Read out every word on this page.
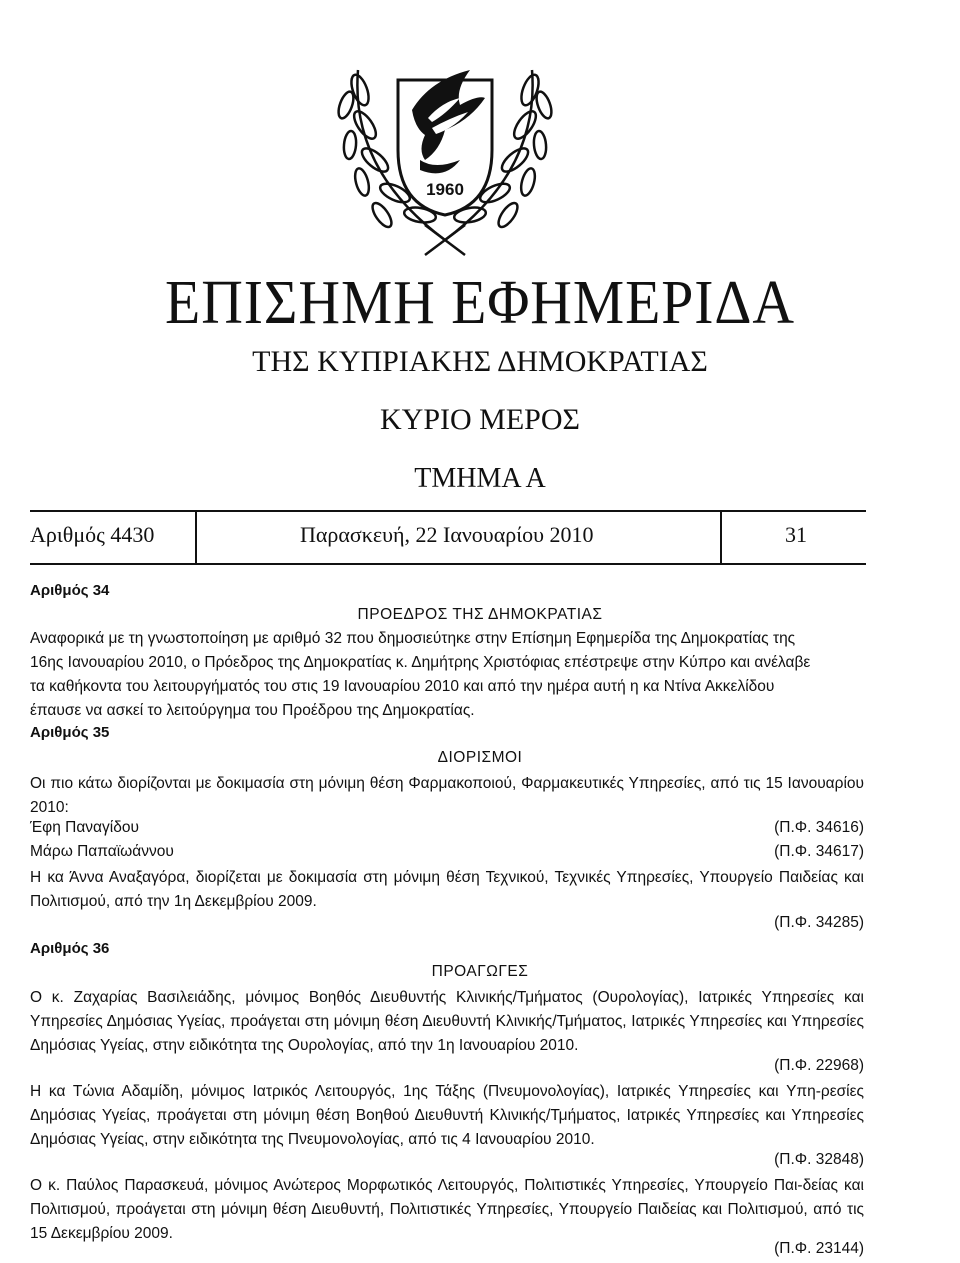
1960
ΕΠΙΣΗΜΗ ΕΦΗΜΕΡΙΔΑ
ΤΗΣ ΚΥΠΡΙΑΚΗΣ ΔΗΜΟΚΡΑΤΙΑΣ
ΚΥΡΙΟ ΜΕΡΟΣ
ΤΜΗΜΑ Α
Αριθμός 4430	Παρασκευή, 22 Ιανουαρίου 2010	31
Αριθμός 34
ΠΡΟΕΔΡΟΣ ΤΗΣ ΔΗΜΟΚΡΑΤΙΑΣ
Αναφορικά με τη γνωστοποίηση με αριθμό 32 που δημοσιεύτηκε στην Επίσημη Εφημερίδα της Δημοκρατίας της
16ης Ιανουαρίου 2010, ο Πρόεδρος της Δημοκρατίας κ. Δημήτρης Χριστόφιας επέστρεψε στην Κύπρο και ανέλαβε
τα καθήκοντα του λειτουργήματός του στις 19 Ιανουαρίου 2010 και από την ημέρα αυτή η κα Ντίνα Ακκελίδου
έπαυσε να ασκεί το λειτούργημα του Προέδρου της Δημοκρατίας.
Αριθμός 35
ΔΙΟΡΙΣΜΟΙ
Οι πιο κάτω διορίζονται με δοκιμασία στη μόνιμη θέση Φαρμακοποιού, Φαρμακευτικές Υπηρεσίες, από τις 15 Ιανουαρίου 2010:
Έφη Παναγίδου	(Π.Φ. 34616)
Μάρω Παπαϊωάννου	(Π.Φ. 34617)
Η κα Άννα Αναξαγόρα, διορίζεται με δοκιμασία στη μόνιμη θέση Τεχνικού, Τεχνικές Υπηρεσίες, Υπουργείο Παιδείας και Πολιτισμού, από την 1η Δεκεμβρίου 2009.
(Π.Φ. 34285)
Αριθμός 36
ΠΡΟΑΓΩΓΕΣ
Ο κ. Ζαχαρίας Βασιλειάδης, μόνιμος Βοηθός Διευθυντής Κλινικής/Τμήματος (Ουρολογίας), Ιατρικές Υπηρεσίες και Υπηρεσίες Δημόσιας Υγείας, προάγεται στη μόνιμη θέση Διευθυντή Κλινικής/Τμήματος, Ιατρικές Υπηρεσίες και Υπηρεσίες Δημόσιας Υγείας, στην ειδικότητα της Ουρολογίας, από την 1η Ιανουαρίου 2010.
(Π.Φ. 22968)
Η κα Τώνια Αδαμίδη, μόνιμος Ιατρικός Λειτουργός, 1ης Τάξης (Πνευμονολογίας), Ιατρικές Υπηρεσίες και Υπη-ρεσίες Δημόσιας Υγείας, προάγεται στη μόνιμη θέση Βοηθού Διευθυντή Κλινικής/Τμήματος, Ιατρικές Υπηρεσίες και Υπηρεσίες Δημόσιας Υγείας, στην ειδικότητα της Πνευμονολογίας, από τις 4 Ιανουαρίου 2010.
(Π.Φ. 32848)
Ο κ. Παύλος Παρασκευά, μόνιμος Ανώτερος Μορφωτικός Λειτουργός, Πολιτιστικές Υπηρεσίες, Υπουργείο Παι-δείας και Πολιτισμού, προάγεται στη μόνιμη θέση Διευθυντή, Πολιτιστικές Υπηρεσίες, Υπουργείο Παιδείας και Πολιτισμού, από τις 15 Δεκεμβρίου 2009.
(Π.Φ. 23144)
